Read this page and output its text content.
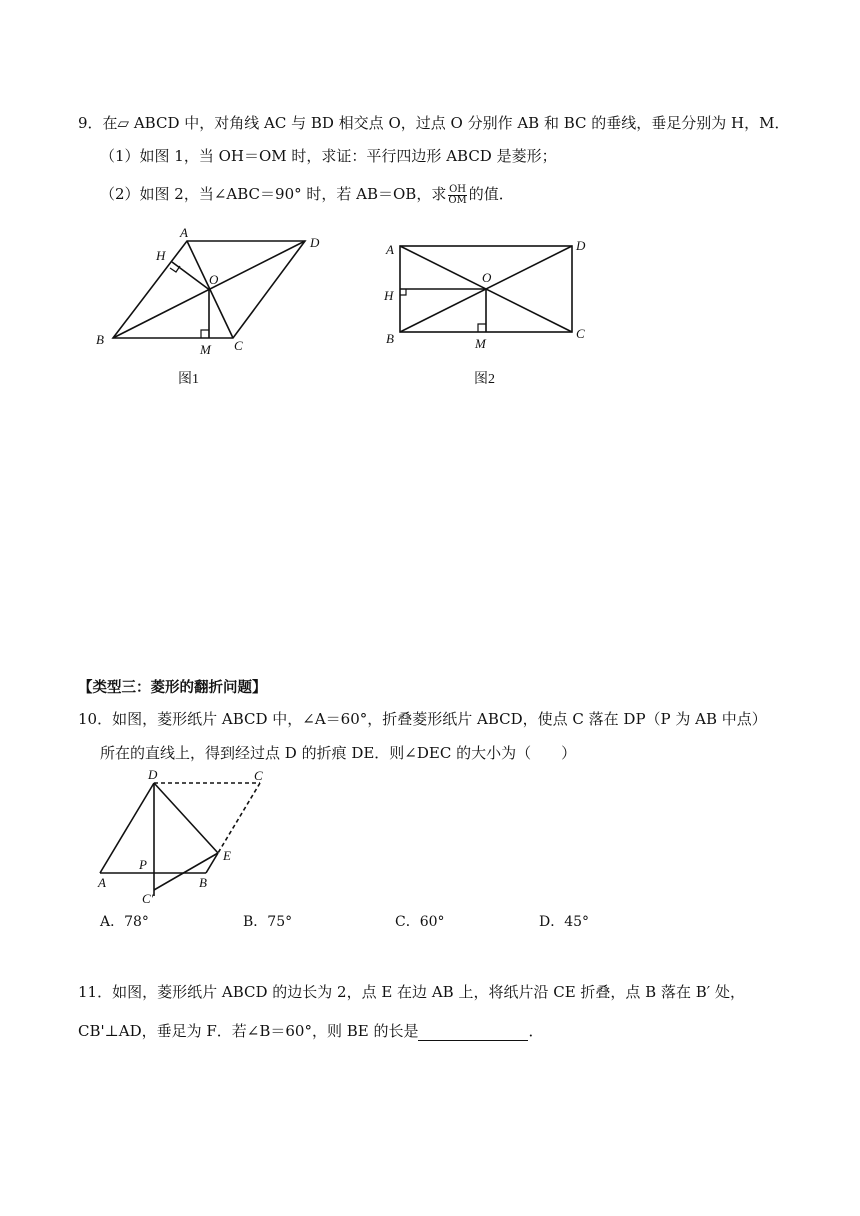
9．在▱ ABCD 中，对角线 AC 与 BD 相交点 O，过点 O 分别作 AB 和 BC 的垂线，垂足分别为 H，M．
（1）如图 1，当 OH＝OM 时，求证：平行四边形 ABCD 是菱形；
（2）如图 2，当∠ABC＝90° 时，若 AB＝OB，求 $\frac{OH}{OM}$ 的值．
A
D
H
O
B
M C
图1
A	D
H
O
B	M
C
图2
【类型三：菱形的翻折问题】
10．如图，菱形纸片 ABCD 中，∠A＝60°，折叠菱形纸片 ABCD，使点 C 落在 DP（P 为 AB 中点）
所在的直线上，得到经过点 D 的折痕 DE．则∠DEC 的大小为（　　）
D	C
P
E
A	B
C′
A．78°	B．75°	C．60°	D．45°
11．如图，菱形纸片 ABCD 的边长为 2，点 E 在边 AB 上，将纸片沿 CE 折叠，点 B 落在 B′ 处，
CB'⊥AD，垂足为 F．若∠B＝60°，则 BE 的长是	．
